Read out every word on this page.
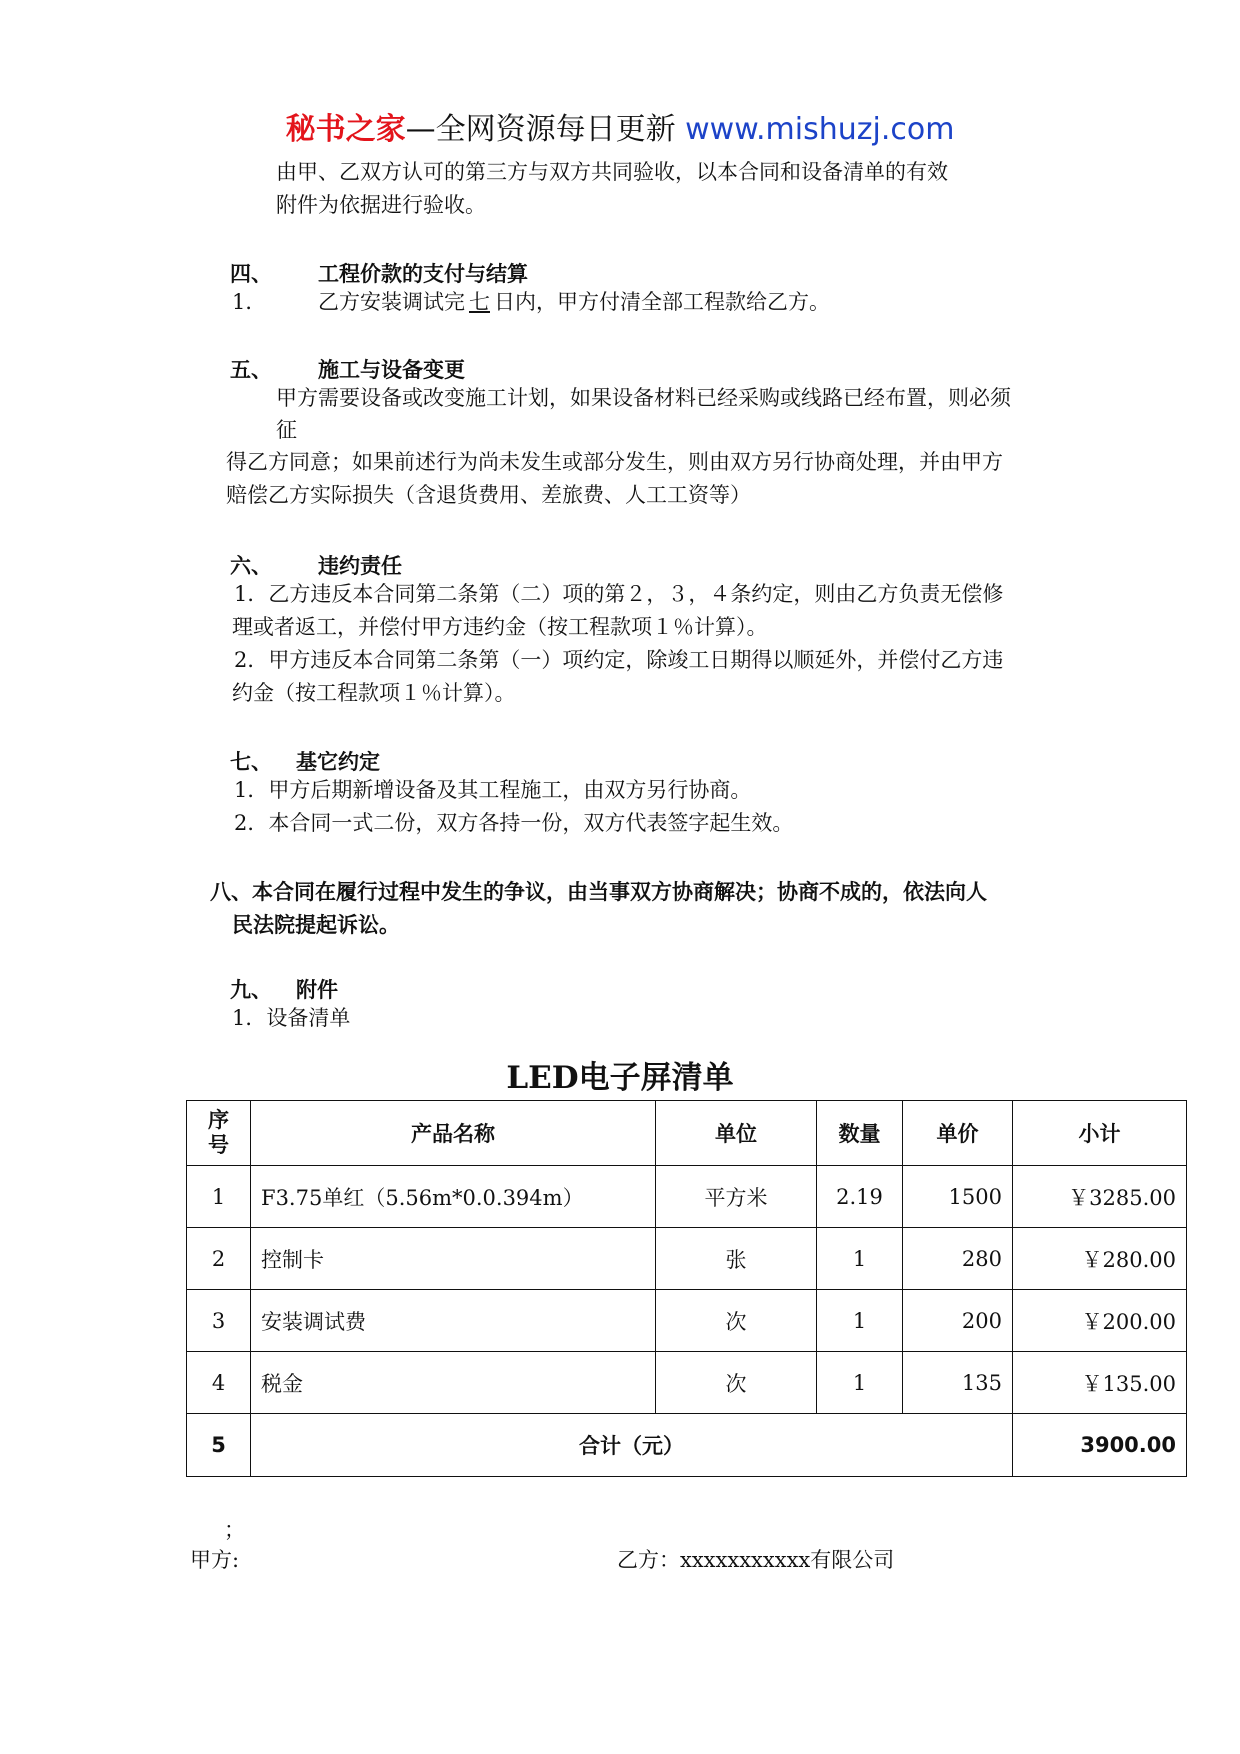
秘书之家—全网资源每日更新 www.mishuzj.com
由甲、乙双方认可的第三方与双方共同验收，以本合同和设备清单的有效
附件为依据进行验收。
四、 工程价款的支付与结算
1． 乙方安装调试完 七 日内，甲方付清全部工程款给乙方。
五、 施工与设备变更
甲方需要设备或改变施工计划，如果设备材料已经采购或线路已经布置，则必须
征
得乙方同意；如果前述行为尚未发生或部分发生，则由双方另行协商处理，并由甲方
赔偿乙方实际损失（含退货费用、差旅费、人工工资等）
六、 违约责任
1．乙方违反本合同第二条第（二）项的第２，３，４条约定，则由乙方负责无偿修
理或者返工，并偿付甲方违约金（按工程款项１％计算）。
2．甲方违反本合同第二条第（一）项约定，除竣工日期得以顺延外，并偿付乙方违
约金（按工程款项１％计算）。
七、 基它约定
1．甲方后期新增设备及其工程施工，由双方另行协商。
2．本合同一式二份，双方各持一份，双方代表签字起生效。
八、本合同在履行过程中发生的争议，由当事双方协商解决；协商不成的，依法向人
民法院提起诉讼。
九、 附件
1．设备清单
LED电子屏清单
序
号	产品名称	单位	数量	单价	小计
1	F3.75单红（5.56m*0.0.394m）	平方米	2.19	1500	￥3285.00
2	控制卡	张	1	280	￥280.00
3	安装调试费	次	1	200	￥200.00
4	税金	次	1	135	￥135.00
5	合计（元）				3900.00
；
甲方:	乙方：xxxxxxxxxxx有限公司
